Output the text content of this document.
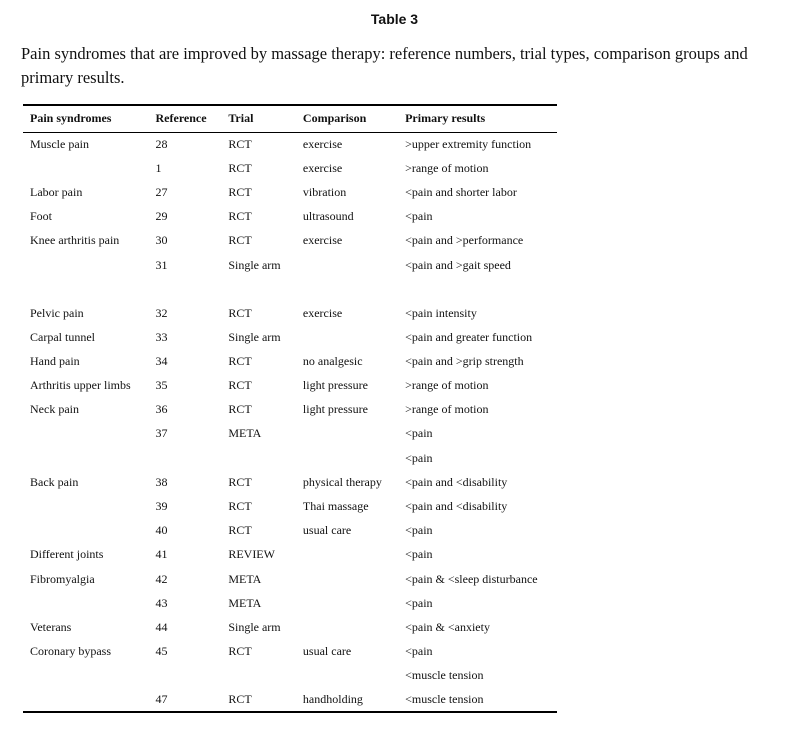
Table 3

Pain syndromes that are improved by massage therapy: reference numbers, trial types, comparison groups and primary results.

Pain syndromes	Reference	Trial	Comparison	Primary results
Muscle pain	28	RCT	exercise	>upper extremity function
	1	RCT	exercise	>range of motion
Labor pain	27	RCT	vibration	<pain and shorter labor
Foot	29	RCT	ultrasound	<pain
Knee arthritis pain	30	RCT	exercise	<pain and >performance
	31	Single arm		<pain and >gait speed
Pelvic pain	32	RCT	exercise	<pain intensity
Carpal tunnel	33	Single arm		<pain and greater function
Hand pain	34	RCT	no analgesic	<pain and >grip strength
Arthritis upper limbs	35	RCT	light pressure	>range of motion
Neck pain	36	RCT	light pressure	>range of motion
	37	META		<pain
				<pain
Back pain	38	RCT	physical therapy	<pain and <disability
	39	RCT	Thai massage	<pain and <disability
	40	RCT	usual care	<pain
Different joints	41	REVIEW		<pain
Fibromyalgia	42	META		<pain & <sleep disturbance
	43	META		<pain
Veterans	44	Single arm		<pain & <anxiety
Coronary bypass	45	RCT	usual care	<pain
				<muscle tension
	47	RCT	handholding	<muscle tension
